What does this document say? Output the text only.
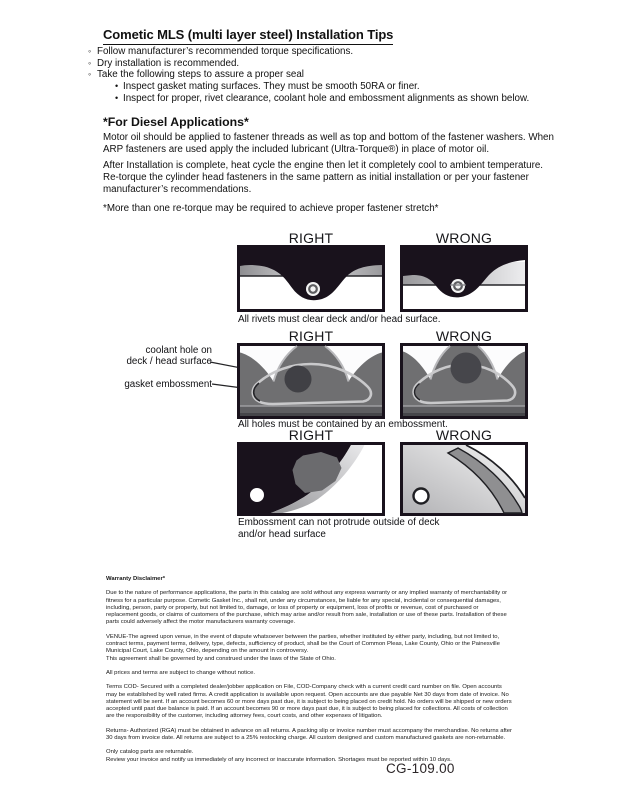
Cometic MLS (multi layer steel) Installation Tips
◦ Follow manufacturer’s recommended torque specifications.
◦ Dry installation is recommended.
◦ Take the following steps to assure a proper seal
• Inspect gasket mating surfaces. They must be smooth 50RA or finer.
• Inspect for proper, rivet clearance, coolant hole and embossment alignments as shown below.
*For Diesel Applications*
Motor oil should be applied to fastener threads as well as top and bottom of the fastener washers. When ARP fasteners are used apply the included lubricant (Ultra-Torque®) in place of motor oil.
After Installation is complete, heat cycle the engine then let it completely cool to ambient temperature. Re-torque the cylinder head fasteners in the same pattern as initial installation or per your fastener manufacturer’s recommendations.
*More than one re-torque may be required to achieve proper fastener stretch*
RIGHT	WRONG
All rivets must clear deck and/or head surface.
RIGHT	WRONG
coolant hole on
deck / head surface
gasket embossment
All holes must be contained by an embossment.
RIGHT	WRONG
Embossment can not protrude outside of deck and/or head surface

Warranty Disclaimer*

Due to the nature of performance applications, the parts in this catalog are sold without any express warranty or any implied warranty of merchantability or fitness for a particular purpose. Cometic Gasket Inc., shall not, under any circumstances, be liable for any special, incidental or consequential damages, including, person, party or property, but not limited to, damage, or loss of property or equipment, loss of profits or revenue, cost of purchased or replacement goods, or claims of customers of the purchase, which may arise and/or result from sale, installation or use of these parts. Installation of these parts could adversely affect the motor manufacturers warranty coverage.

VENUE-The agreed upon venue, in the event of dispute whatsoever between the parties, whether instituted by either party, including, but not limited to, contract terms, payment terms, delivery, type, defects, sufficiency of product, shall be the Court of Common Pleas, Lake County, Ohio or the Painesville Municipal Court, Lake County, Ohio, depending on the amount in controversy.

This agreement shall be governed by and construed under the laws of the State of Ohio.

All prices and terms are subject to change without notice.

Terms COD- Secured with a completed dealer/jobber application on File, COD-Company check with a current credit card number on file. Open accounts may be established by well rated firms. A credit application is available upon request. Open accounts are due payable Net 30 days from date of invoice. No statement will be sent. If an account becomes 60 or more days past due, it is subject to being placed on credit hold. No orders will be shipped or new orders accepted until past due balance is paid. If an account becomes 90 or more days past due, it is subject to being placed for collections. All costs of collection are the responsibility of the customer, including attorney fees, court costs, and other expenses of litigation.

Returns- Authorized (RGA) must be obtained in advance on all returns. A packing slip or invoice number must accompany the merchandise. No returns after 30 days from invoice date. All returns are subject to a 25% restocking charge. All custom designed and custom manufactured gaskets are non-returnable.

Only catalog parts are returnable.

Review your invoice and notify us immediately of any incorrect or inaccurate information. Shortages must be reported within 10 days.

CG-109.00
